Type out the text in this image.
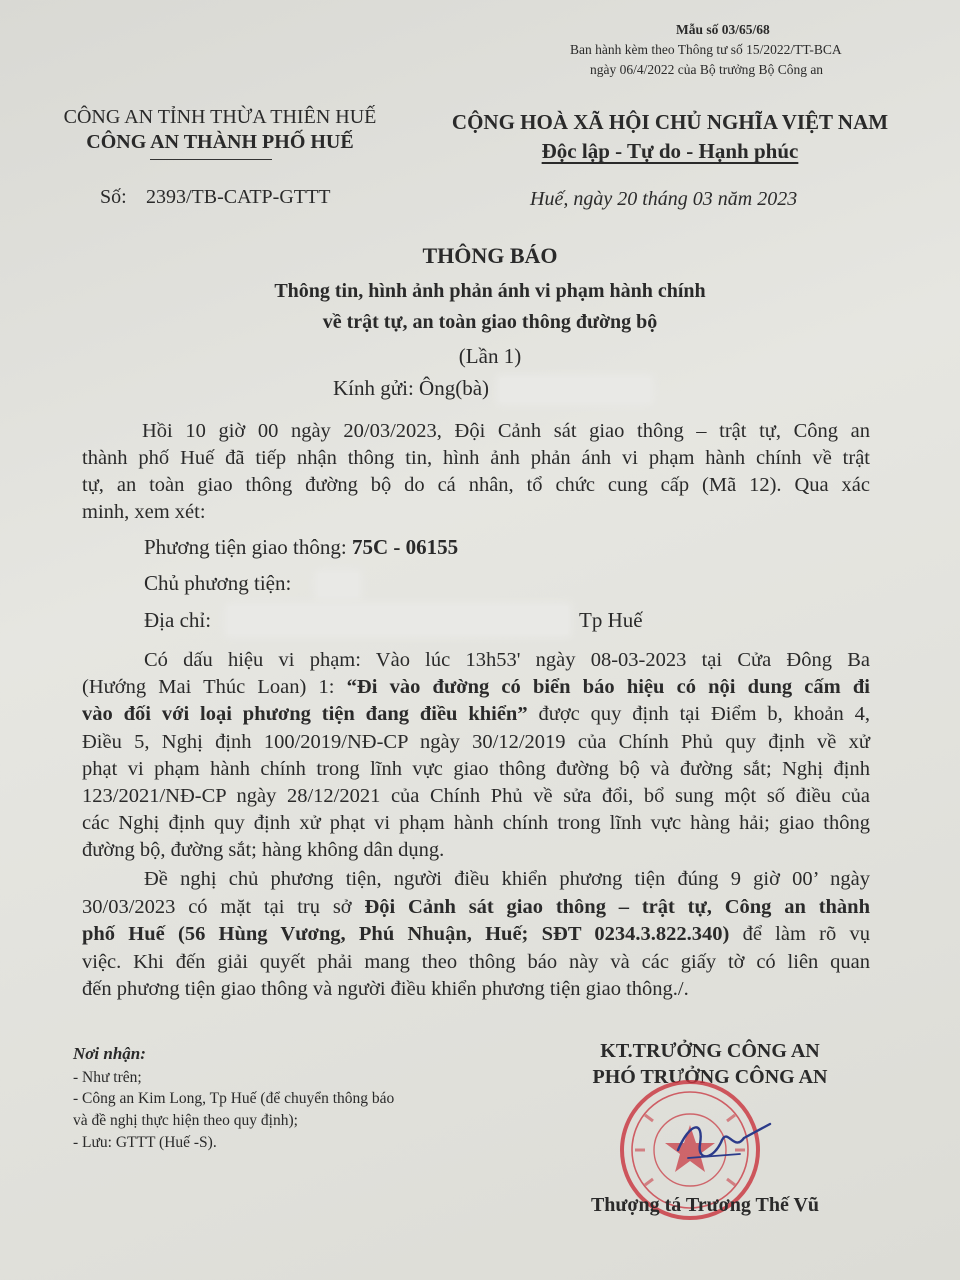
Mẫu số 03/65/68
Ban hành kèm theo Thông tư số 15/2022/TT-BCA
ngày 06/4/2022 của Bộ trưởng Bộ Công an
CÔNG AN TỈNH THỪA THIÊN HUẾ
CÔNG AN THÀNH PHỐ HUẾ
Số: 2393/TB-CATP-GTTT
CỘNG HOÀ XÃ HỘI CHỦ NGHĨA VIỆT NAM
Độc lập - Tự do - Hạnh phúc
Huế, ngày 20 tháng 03 năm 2023
THÔNG BÁO
Thông tin, hình ảnh phản ánh vi phạm hành chính
về trật tự, an toàn giao thông đường bộ
(Lần 1)
Kính gửi: Ông(bà)
Hồi 10 giờ 00 ngày 20/03/2023, Đội Cảnh sát giao thông – trật tự, Công an
thành phố Huế đã tiếp nhận thông tin, hình ảnh phản ánh vi phạm hành chính về trật
tự, an toàn giao thông đường bộ do cá nhân, tổ chức cung cấp (Mã 12). Qua xác
minh, xem xét:
Phương tiện giao thông: 75C - 06155
Chủ phương tiện:
Địa chỉ:	Tp Huế
Có dấu hiệu vi phạm: Vào lúc 13h53' ngày 08-03-2023 tại Cửa Đông Ba
(Hướng Mai Thúc Loan) 1: “Đi vào đường có biển báo hiệu có nội dung cấm đi
vào đối với loại phương tiện đang điều khiển” được quy định tại Điểm b, khoản 4,
Điều 5, Nghị định 100/2019/NĐ-CP ngày 30/12/2019 của Chính Phủ quy định về xử
phạt vi phạm hành chính trong lĩnh vực giao thông đường bộ và đường sắt; Nghị định
123/2021/NĐ-CP ngày 28/12/2021 của Chính Phủ về sửa đổi, bổ sung một số điều của
các Nghị định quy định xử phạt vi phạm hành chính trong lĩnh vực hàng hải; giao thông
đường bộ, đường sắt; hàng không dân dụng.
Đề nghị chủ phương tiện, người điều khiển phương tiện đúng 9 giờ 00’ ngày
30/03/2023 có mặt tại trụ sở Đội Cảnh sát giao thông – trật tự, Công an thành
phố Huế (56 Hùng Vương, Phú Nhuận, Huế; SĐT 0234.3.822.340) để làm rõ vụ
việc. Khi đến giải quyết phải mang theo thông báo này và các giấy tờ có liên quan
đến phương tiện giao thông và người điều khiển phương tiện giao thông./.
Nơi nhận:
- Như trên;
- Công an Kim Long, Tp Huế (để chuyển thông báo
và đề nghị thực hiện theo quy định);
- Lưu: GTTT (Huế -S).
KT.TRƯỞNG CÔNG AN
PHÓ TRƯỞNG CÔNG AN
Thượng tá Trương Thế Vũ
